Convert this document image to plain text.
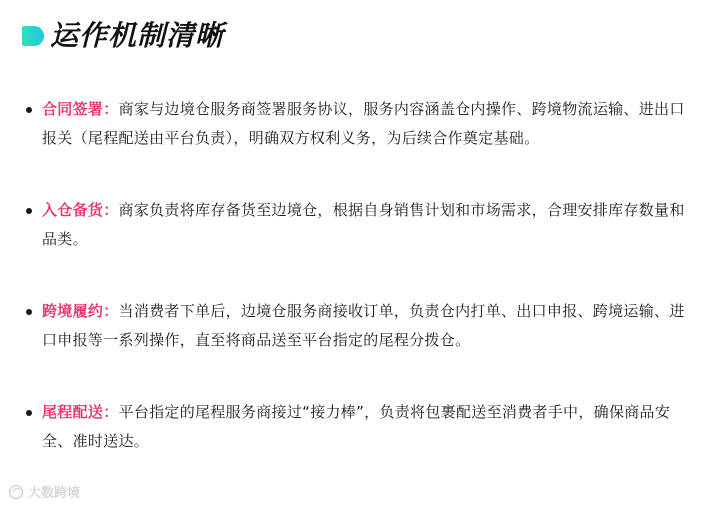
运作机制清晰
合同签署：商家与边境仓服务商签署服务协议，服务内容涵盖仓内操作、跨境物流运输、进出口报关（尾程配送由平台负责），明确双方权利义务，为后续合作奠定基础。
入仓备货：商家负责将库存备货至边境仓，根据自身销售计划和市场需求，合理安排库存数量和品类。
跨境履约：当消费者下单后，边境仓服务商接收订单，负责仓内打单、出口申报、跨境运输、进口申报等一系列操作，直至将商品送至平台指定的尾程分拨仓。
尾程配送：平台指定的尾程服务商接过“接力棒”，负责将包裹配送至消费者手中，确保商品安全、准时送达。
大数跨境
